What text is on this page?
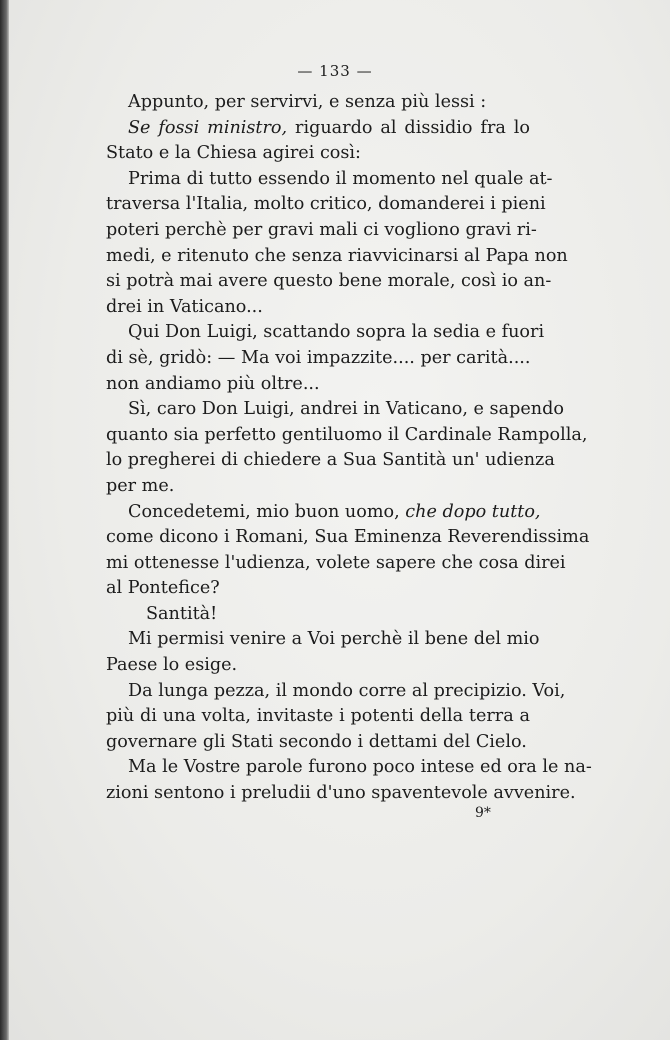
— 133 —
Appunto, per servirvi, e senza più lessi :
Se fossi ministro, riguardo al dissidio fra lo
Stato e la Chiesa agirei così:
Prima di tutto essendo il momento nel quale at-
traversa l'Italia, molto critico, domanderei i pieni
poteri perchè per gravi mali ci vogliono gravi ri-
medi, e ritenuto che senza riavvicinarsi al Papa non
si potrà mai avere questo bene morale, così io an-
drei in Vaticano...
Qui Don Luigi, scattando sopra la sedia e fuori
di sè, gridò: — Ma voi impazzite.... per carità....
non andiamo più oltre...
Sì, caro Don Luigi, andrei in Vaticano, e sapendo
quanto sia perfetto gentiluomo il Cardinale Rampolla,
lo pregherei di chiedere a Sua Santità un' udienza
per me.
Concedetemi, mio buon uomo, che dopo tutto,
come dicono i Romani, Sua Eminenza Reverendissima
mi ottenesse l'udienza, volete sapere che cosa direi
al Pontefice?
Santità!
Mi permisi venire a Voi perchè il bene del mio
Paese lo esige.
Da lunga pezza, il mondo corre al precipizio. Voi,
più di una volta, invitaste i potenti della terra a
governare gli Stati secondo i dettami del Cielo.
Ma le Vostre parole furono poco intese ed ora le na-
zioni sentono i preludii d'uno spaventevole avvenire.
9*
